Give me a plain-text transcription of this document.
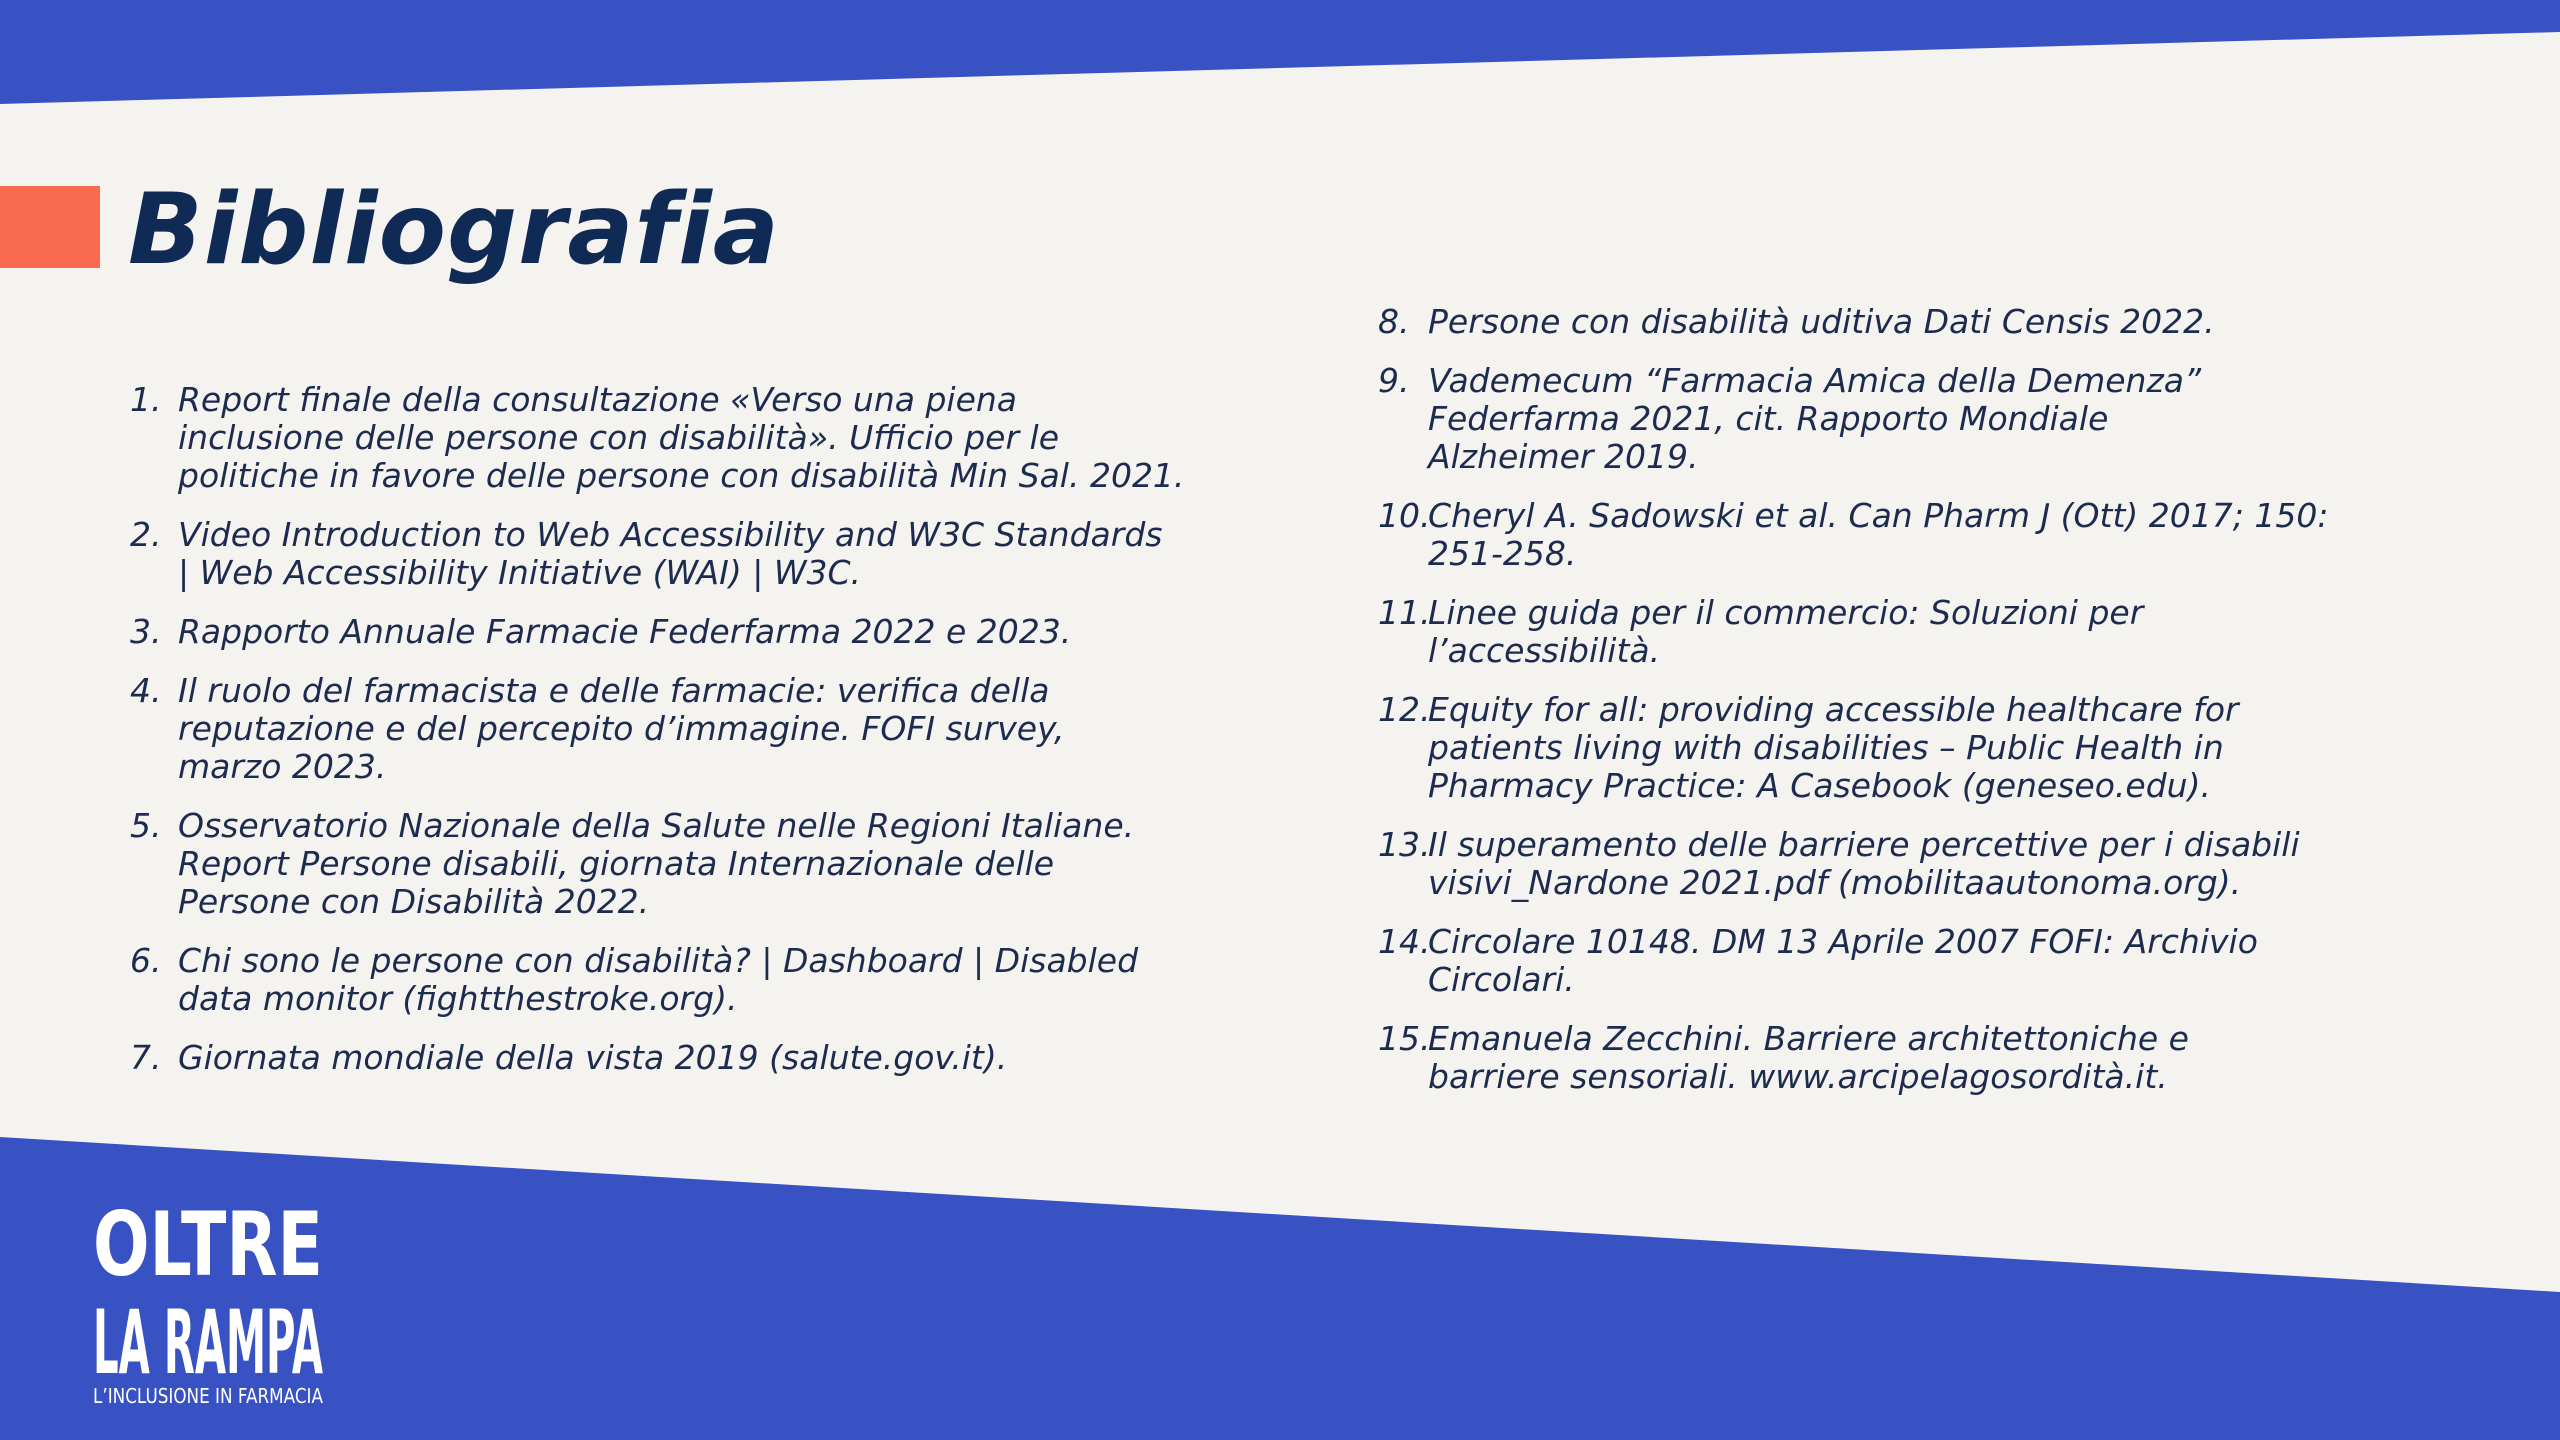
Bibliografia
1. Report finale della consultazione «Verso una piena
inclusione delle persone con disabilità». Ufficio per le
politiche in favore delle persone con disabilità Min Sal. 2021.
2. Video Introduction to Web Accessibility and W3C Standards
| Web Accessibility Initiative (WAI) | W3C.
3. Rapporto Annuale Farmacie Federfarma 2022 e 2023.
4. Il ruolo del farmacista e delle farmacie: verifica della
reputazione e del percepito d’immagine. FOFI survey,
marzo 2023.
5. Osservatorio Nazionale della Salute nelle Regioni Italiane.
Report Persone disabili, giornata Internazionale delle
Persone con Disabilità 2022.
6. Chi sono le persone con disabilità? | Dashboard | Disabled
data monitor (fightthestroke.org).
7. Giornata mondiale della vista 2019 (salute.gov.it).
8. Persone con disabilità uditiva Dati Censis 2022.
9. Vademecum “Farmacia Amica della Demenza”
Federfarma 2021, cit. Rapporto Mondiale
Alzheimer 2019.
10.
Cheryl A. Sadowski et al. Can Pharm J (Ott) 2017; 150:
251-258.
11.
Linee guida per il commercio: Soluzioni per
l’accessibilità.
12.
Equity for all: providing accessible healthcare for
patients living with disabilities – Public Health in
Pharmacy Practice: A Casebook (geneseo.edu).
13.
Il superamento delle barriere percettive per i disabili
visivi_Nardone 2021.pdf (mobilitaautonoma.org).
14.
Circolare 10148. DM 13 Aprile 2007 FOFI: Archivio
Circolari.
15.
Emanuela Zecchini. Barriere architettoniche e
barriere sensoriali. www.arcipelagosordità.it.
OLTRE
LA RAMPA
L’INCLUSIONE IN FARMACIA
